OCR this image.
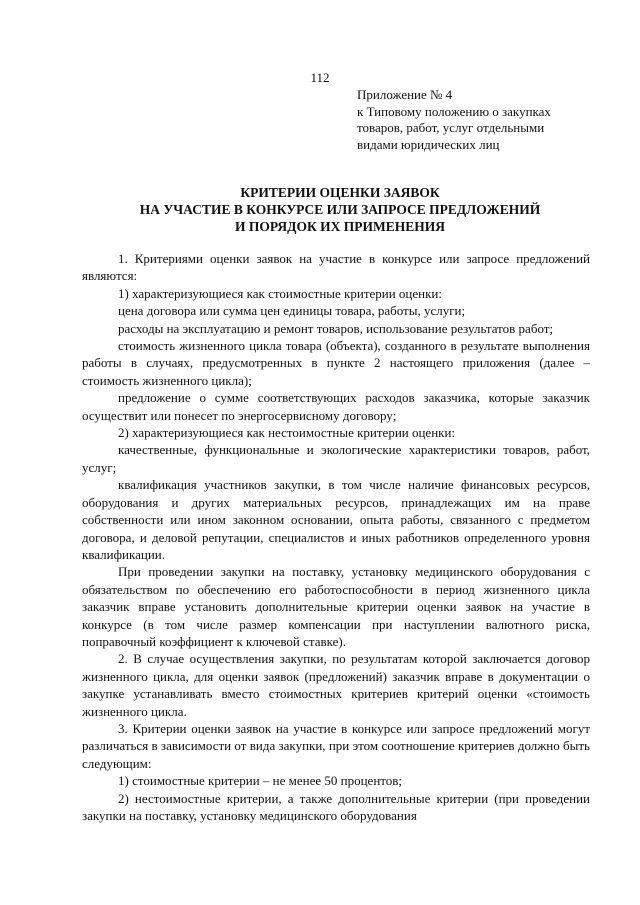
112
Приложение № 4
к Типовому положению о закупках
товаров, работ, услуг отдельными
видами юридических лиц
КРИТЕРИИ ОЦЕНКИ ЗАЯВОК
НА УЧАСТИЕ В КОНКУРСЕ ИЛИ ЗАПРОСЕ ПРЕДЛОЖЕНИЙ
И ПОРЯДОК ИХ ПРИМЕНЕНИЯ

1. Критериями оценки заявок на участие в конкурсе или запросе предложений являются:

1) характеризующиеся как стоимостные критерии оценки:

цена договора или сумма цен единицы товара, работы, услуги;

расходы на эксплуатацию и ремонт товаров, использование результатов работ;

стоимость жизненного цикла товара (объекта), созданного в результате выполнения работы в случаях, предусмотренных в пункте 2 настоящего приложения (далее – стоимость жизненного цикла);

предложение о сумме соответствующих расходов заказчика, которые заказчик осуществит или понесет по энергосервисному договору;

2) характеризующиеся как нестоимостные критерии оценки:

качественные, функциональные и экологические характеристики товаров, работ, услуг;

квалификация участников закупки, в том числе наличие финансовых ресурсов, оборудования и других материальных ресурсов, принадлежащих им на праве собственности или ином законном основании, опыта работы, связанного с предметом договора, и деловой репутации, специалистов и иных работников определенного уровня квалификации.

При проведении закупки на поставку, установку медицинского оборудования с обязательством по обеспечению его работоспособности в период жизненного цикла заказчик вправе установить дополнительные критерии оценки заявок на участие в конкурсе (в том числе размер компенсации при наступлении валютного риска, поправочный коэффициент к ключевой ставке).

2. В случае осуществления закупки, по результатам которой заключается договор жизненного цикла, для оценки заявок (предложений) заказчик вправе в документации о закупке устанавливать вместо стоимостных критериев критерий оценки «стоимость жизненного цикла.

3. Критерии оценки заявок на участие в конкурсе или запросе предложений могут различаться в зависимости от вида закупки, при этом соотношение критериев должно быть следующим:

1) стоимостные критерии – не менее 50 процентов;

2) нестоимостные критерии, а также дополнительные критерии (при проведении закупки на поставку, установку медицинского оборудования
